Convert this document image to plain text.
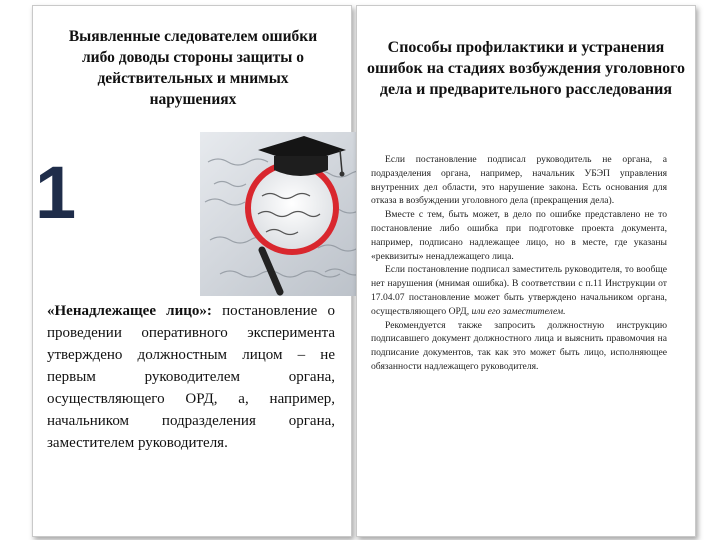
Выявленные следователем ошибки либо доводы стороны защиты о действительных и мнимых нарушениях
1
«Ненадлежащее лицо»: постановление о проведении оперативного эксперимента утверждено должностным лицом – не первым руководителем органа, осуществляющего ОРД, а, например, начальником подразделения органа, заместителем руководителя.
Способы профилактики и устранения ошибок на стадиях возбуждения уголовного дела и предварительного расследования

Если постановление подписал руководитель не органа, а подразделения органа, например, начальник УБЭП управления внутренних дел области, это нарушение закона. Есть основания для отказа в возбуждении уголовного дела (прекращения дела).

Вместе с тем, быть может, в дело по ошибке представлено не то постановление либо ошибка при подготовке проекта документа, например, подписано надлежащее лицо, но в месте, где указаны «реквизиты» ненадлежащего лица.

Если постановление подписал заместитель руководителя, то вообще нет нарушения (мнимая ошибка). В соответствии с п.11 Инструкции от 17.04.07 постановление может быть утверждено начальником органа, осуществляющего ОРД, или его заместителем.

Рекомендуется также запросить должностную инструкцию подписавшего документ должностного лица и выяснить правомочия на подписание документов, так как это может быть лицо, исполняющее обязанности надлежащего руководителя.
